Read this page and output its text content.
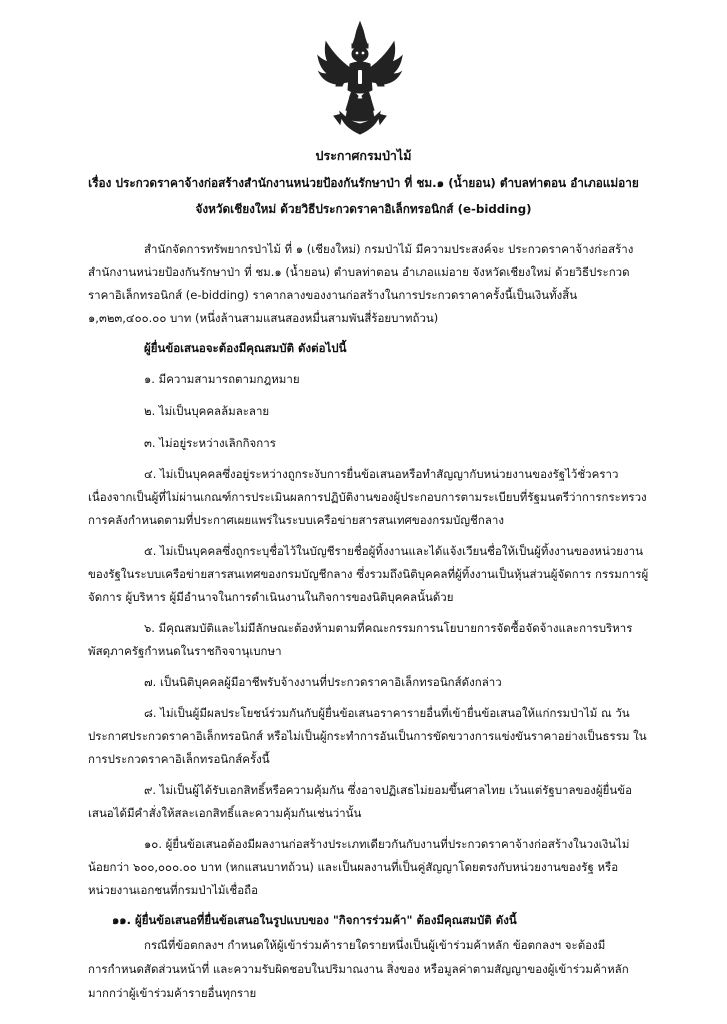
ประกาศกรมป่าไม้
เรื่อง ประกวดราคาจ้างก่อสร้างสำนักงานหน่วยป้องกันรักษาป่า ที่ ชม.๑ (น้ำยอน) ตำบลท่าตอน อำเภอแม่อาย
จังหวัดเชียงใหม่ ด้วยวิธีประกวดราคาอิเล็กทรอนิกส์ (e-bidding)
สำนักจัดการทรัพยากรป่าไม้ ที่ ๑ (เชียงใหม่) กรมป่าไม้ มีความประสงค์จะ ประกวดราคาจ้างก่อสร้าง
สำนักงานหน่วยป้องกันรักษาป่า ที่ ชม.๑ (น้ำยอน) ตำบลท่าตอน อำเภอแม่อาย จังหวัดเชียงใหม่ ด้วยวิธีประกวด
ราคาอิเล็กทรอนิกส์ (e-bidding) ราคากลางของงานก่อสร้างในการประกวดราคาครั้งนี้เป็นเงินทั้งสิ้น
๑,๓๒๓,๔๐๐.๐๐ บาท (หนึ่งล้านสามแสนสองหมื่นสามพันสี่ร้อยบาทถ้วน)
ผู้ยื่นข้อเสนอจะต้องมีคุณสมบัติ ดังต่อไปนี้
๑. มีความสามารถตามกฎหมาย
๒. ไม่เป็นบุคคลล้มละลาย
๓. ไม่อยู่ระหว่างเลิกกิจการ
๔. ไม่เป็นบุคคลซึ่งอยู่ระหว่างถูกระงับการยื่นข้อเสนอหรือทำสัญญากับหน่วยงานของรัฐไว้ชั่วคราว
เนื่องจากเป็นผู้ที่ไม่ผ่านเกณฑ์การประเมินผลการปฏิบัติงานของผู้ประกอบการตามระเบียบที่รัฐมนตรีว่าการกระทรวง
การคลังกำหนดตามที่ประกาศเผยแพร่ในระบบเครือข่ายสารสนเทศของกรมบัญชีกลาง
๕. ไม่เป็นบุคคลซึ่งถูกระบุชื่อไว้ในบัญชีรายชื่อผู้ทิ้งงานและได้แจ้งเวียนชื่อให้เป็นผู้ทิ้งงานของหน่วยงาน
ของรัฐในระบบเครือข่ายสารสนเทศของกรมบัญชีกลาง ซึ่งรวมถึงนิติบุคคลที่ผู้ทิ้งงานเป็นหุ้นส่วนผู้จัดการ กรรมการผู้
จัดการ ผู้บริหาร ผู้มีอำนาจในการดำเนินงานในกิจการของนิติบุคคลนั้นด้วย
๖. มีคุณสมบัติและไม่มีลักษณะต้องห้ามตามที่คณะกรรมการนโยบายการจัดซื้อจัดจ้างและการบริหาร
พัสดุภาครัฐกำหนดในราชกิจจานุเบกษา
๗. เป็นนิติบุคคลผู้มีอาชีพรับจ้างงานที่ประกวดราคาอิเล็กทรอนิกส์ดังกล่าว
๘. ไม่เป็นผู้มีผลประโยชน์ร่วมกันกับผู้ยื่นข้อเสนอราคารายอื่นที่เข้ายื่นข้อเสนอให้แก่กรมป่าไม้ ณ วัน
ประกาศประกวดราคาอิเล็กทรอนิกส์ หรือไม่เป็นผู้กระทำการอันเป็นการขัดขวางการแข่งขันราคาอย่างเป็นธรรม ใน
การประกวดราคาอิเล็กทรอนิกส์ครั้งนี้
๙. ไม่เป็นผู้ได้รับเอกสิทธิ์หรือความคุ้มกัน ซึ่งอาจปฏิเสธไม่ยอมขึ้นศาลไทย เว้นแต่รัฐบาลของผู้ยื่นข้อ
เสนอได้มีคำสั่งให้สละเอกสิทธิ์และความคุ้มกันเช่นว่านั้น
๑๐. ผู้ยื่นข้อเสนอต้องมีผลงานก่อสร้างประเภทเดียวกันกับงานที่ประกวดราคาจ้างก่อสร้างในวงเงินไม่
น้อยกว่า ๖๐๐,๐๐๐.๐๐ บาท (หกแสนบาทถ้วน) และเป็นผลงานที่เป็นคู่สัญญาโดยตรงกับหน่วยงานของรัฐ หรือ
หน่วยงานเอกชนที่กรมป่าไม้เชื่อถือ
๑๑. ผู้ยื่นข้อเสนอที่ยื่นข้อเสนอในรูปแบบของ "กิจการร่วมค้า" ต้องมีคุณสมบัติ ดังนี้
กรณีที่ข้อตกลงฯ กำหนดให้ผู้เข้าร่วมค้ารายใดรายหนึ่งเป็นผู้เข้าร่วมค้าหลัก ข้อตกลงฯ จะต้องมี
การกำหนดสัดส่วนหน้าที่ และความรับผิดชอบในปริมาณงาน สิ่งของ หรือมูลค่าตามสัญญาของผู้เข้าร่วมค้าหลัก
มากกว่าผู้เข้าร่วมค้ารายอื่นทุกราย
